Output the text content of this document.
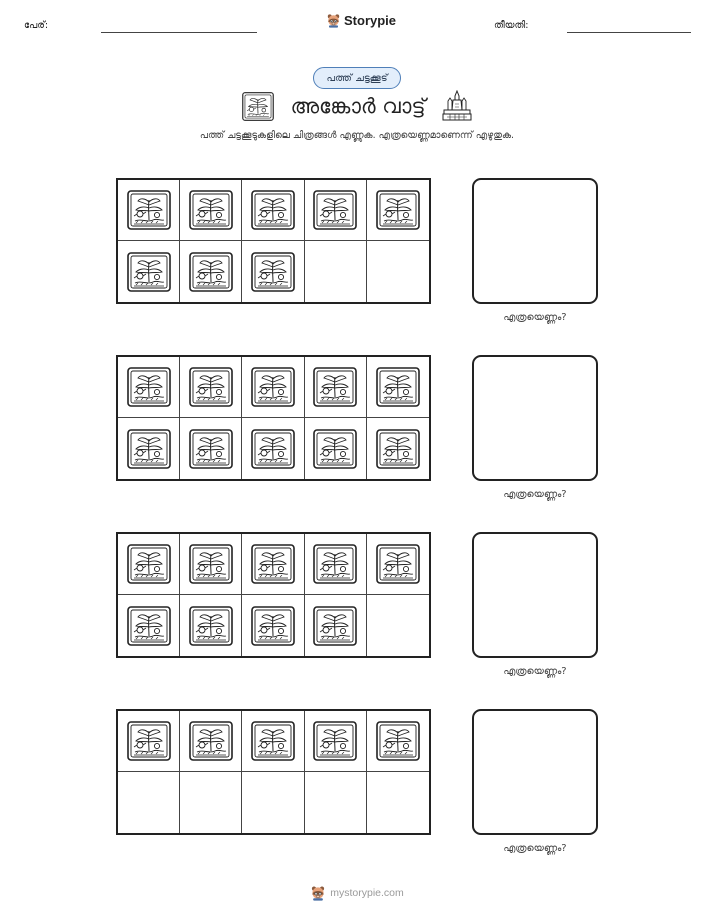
പേര്:	Storypie	തീയതി:
പത്ത് ചട്ടക്കൂട്
അങ്കോർ വാട്ട്
പത്ത് ചട്ടക്കൂടുകളിലെ ചിത്രങ്ങൾ എണ്ണുക. എത്രയെണ്ണമാണെന്ന് എഴുതുക.
എത്രയെണ്ണം?
എത്രയെണ്ണം?
എത്രയെണ്ണം?
എത്രയെണ്ണം?
mystorypie.com
